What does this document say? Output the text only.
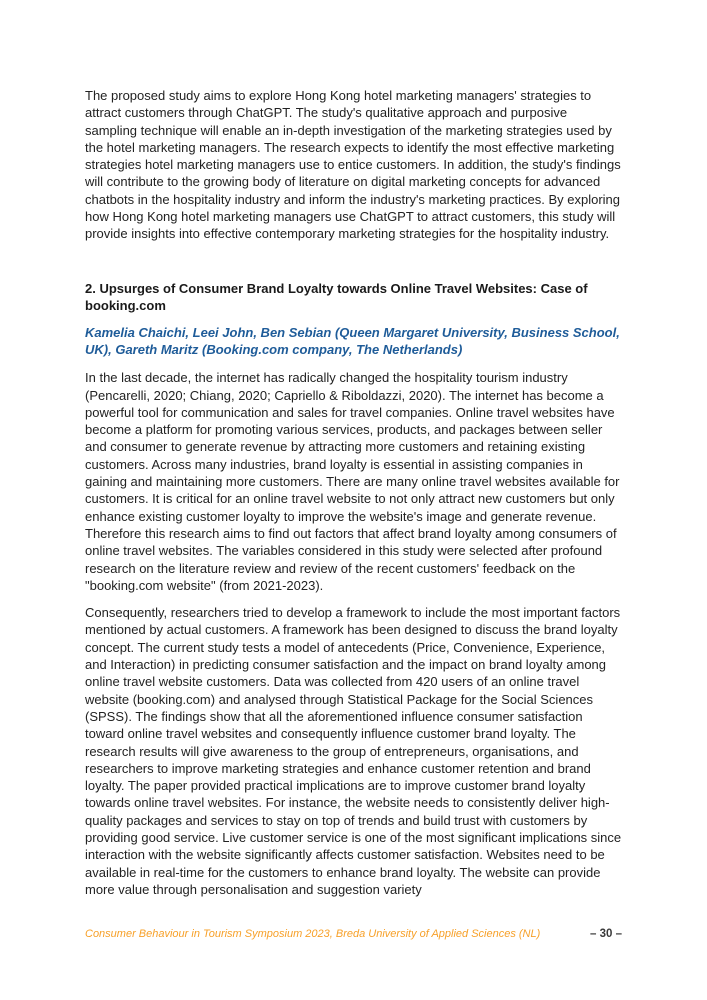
The proposed study aims to explore Hong Kong hotel marketing managers' strategies to attract customers through ChatGPT. The study's qualitative approach and purposive sampling technique will enable an in-depth investigation of the marketing strategies used by the hotel marketing managers. The research expects to identify the most effective marketing strategies hotel marketing managers use to entice customers. In addition, the study's findings will contribute to the growing body of literature on digital marketing concepts for advanced chatbots in the hospitality industry and inform the industry's marketing practices. By exploring how Hong Kong hotel marketing managers use ChatGPT to attract customers, this study will provide insights into effective contemporary marketing strategies for the hospitality industry.

2. Upsurges of Consumer Brand Loyalty towards Online Travel Websites: Case of booking.com

Kamelia Chaichi, Leei John, Ben Sebian (Queen Margaret University, Business School, UK), Gareth Maritz (Booking.com company, The Netherlands)

In the last decade, the internet has radically changed the hospitality tourism industry (Pencarelli, 2020; Chiang, 2020; Capriello & Riboldazzi, 2020). The internet has become a powerful tool for communication and sales for travel companies. Online travel websites have become a platform for promoting various services, products, and packages between seller and consumer to generate revenue by attracting more customers and retaining existing customers. Across many industries, brand loyalty is essential in assisting companies in gaining and maintaining more customers. There are many online travel websites available for customers. It is critical for an online travel website to not only attract new customers but only enhance existing customer loyalty to improve the website's image and generate revenue. Therefore this research aims to find out factors that affect brand loyalty among consumers of online travel websites. The variables considered in this study were selected after profound research on the literature review and review of the recent customers' feedback on the "booking.com website" (from 2021-2023).

Consequently, researchers tried to develop a framework to include the most important factors mentioned by actual customers. A framework has been designed to discuss the brand loyalty concept. The current study tests a model of antecedents (Price, Convenience, Experience, and Interaction) in predicting consumer satisfaction and the impact on brand loyalty among online travel website customers. Data was collected from 420 users of an online travel website (booking.com) and analysed through Statistical Package for the Social Sciences (SPSS). The findings show that all the aforementioned influence consumer satisfaction toward online travel websites and consequently influence customer brand loyalty. The research results will give awareness to the group of entrepreneurs, organisations, and researchers to improve marketing strategies and enhance customer retention and brand loyalty. The paper provided practical implications are to improve customer brand loyalty towards online travel websites. For instance, the website needs to consistently deliver high-quality packages and services to stay on top of trends and build trust with customers by providing good service. Live customer service is one of the most significant implications since interaction with the website significantly affects customer satisfaction. Websites need to be available in real-time for the customers to enhance brand loyalty. The website can provide more value through personalisation and suggestion variety

Consumer Behaviour in Tourism Symposium 2023, Breda University of Applied Sciences (NL)	– 30 –
